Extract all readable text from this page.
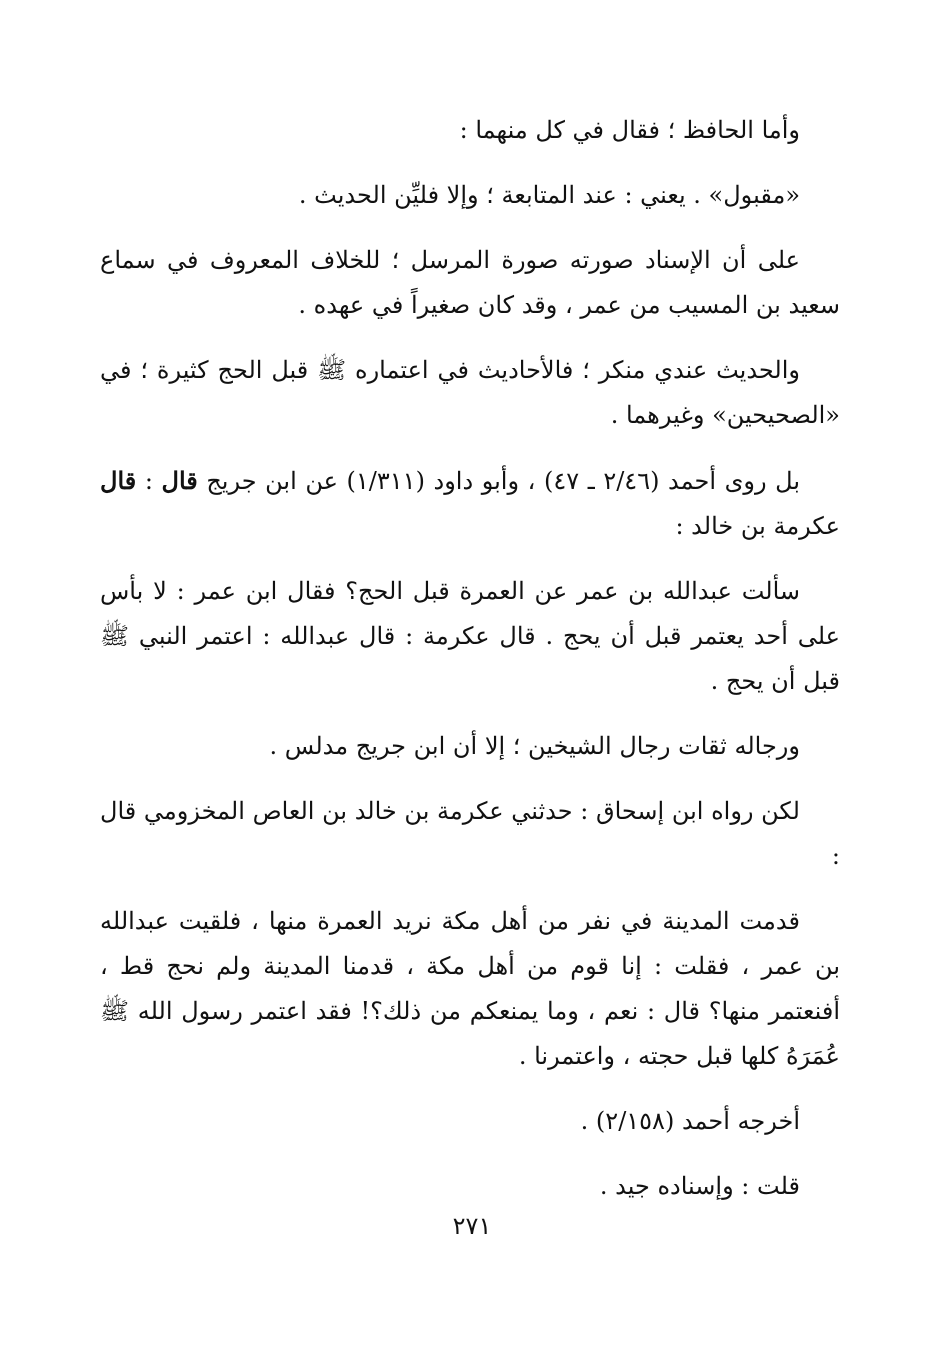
وأما الحافظ ؛ فقال في كل منهما :

«مقبول» . يعني : عند المتابعة ؛ وإلا فليِّن الحديث .

على أن الإسناد صورته صورة المرسل ؛ للخلاف المعروف في سماع سعيد بن المسيب من عمر ، وقد كان صغيراً في عهده .

والحديث عندي منكر ؛ فالأحاديث في اعتماره ﷺ قبل الحج كثيرة ؛ في «الصحيحين» وغيرهما .

بل روى أحمد (٢/٤٦ ـ ٤٧) ، وأبو داود (١/٣١١) عن ابن جريج قال : قال عكرمة بن خالد :

سألت عبدالله بن عمر عن العمرة قبل الحج؟ فقال ابن عمر : لا بأس على أحد يعتمر قبل أن يحج . قال عكرمة : قال عبدالله : اعتمر النبي ﷺ قبل أن يحج .

ورجاله ثقات رجال الشيخين ؛ إلا أن ابن جريج مدلس .

لكن رواه ابن إسحاق : حدثني عكرمة بن خالد بن العاص المخزومي قال :

قدمت المدينة في نفر من أهل مكة نريد العمرة منها ، فلقيت عبدالله بن عمر ، فقلت : إنا قوم من أهل مكة ، قدمنا المدينة ولم نحج قط ، أفنعتمر منها؟ قال : نعم ، وما يمنعكم من ذلك؟! فقد اعتمر رسول الله ﷺ عُمَرَهُ كلها قبل حجته ، واعتمرنا .

أخرجه أحمد (٢/١٥٨) .

قلت : وإسناده جيد .

٢٧١
